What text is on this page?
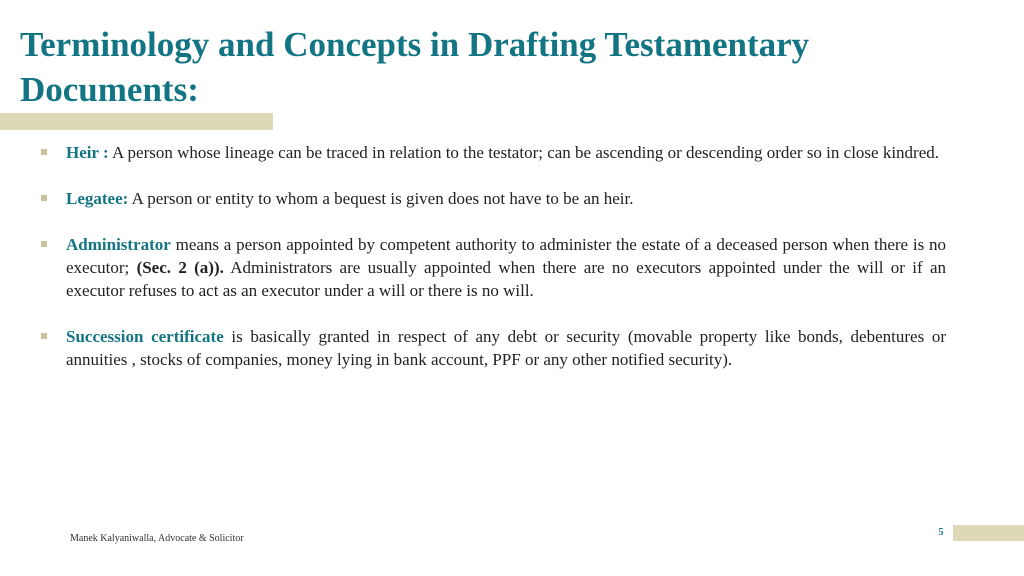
Terminology and Concepts in Drafting Testamentary Documents:
Heir : A person whose lineage can be traced in relation to the testator; can be ascending or descending order so in close kindred.
Legatee: A person or entity to whom a bequest is given does not have to be an heir.
Administrator means a person appointed by competent authority to administer the estate of a deceased person when there is no executor; (Sec. 2 (a)). Administrators are usually appointed when there are no executors appointed under the will or if an executor refuses to act as an executor under a will or there is no will.
Succession certificate is basically granted in respect of any debt or security (movable property like bonds, debentures or annuities , stocks of companies, money lying in bank account, PPF or any other notified security).
Manek Kalyaniwalla, Advocate & Solicitor
5
